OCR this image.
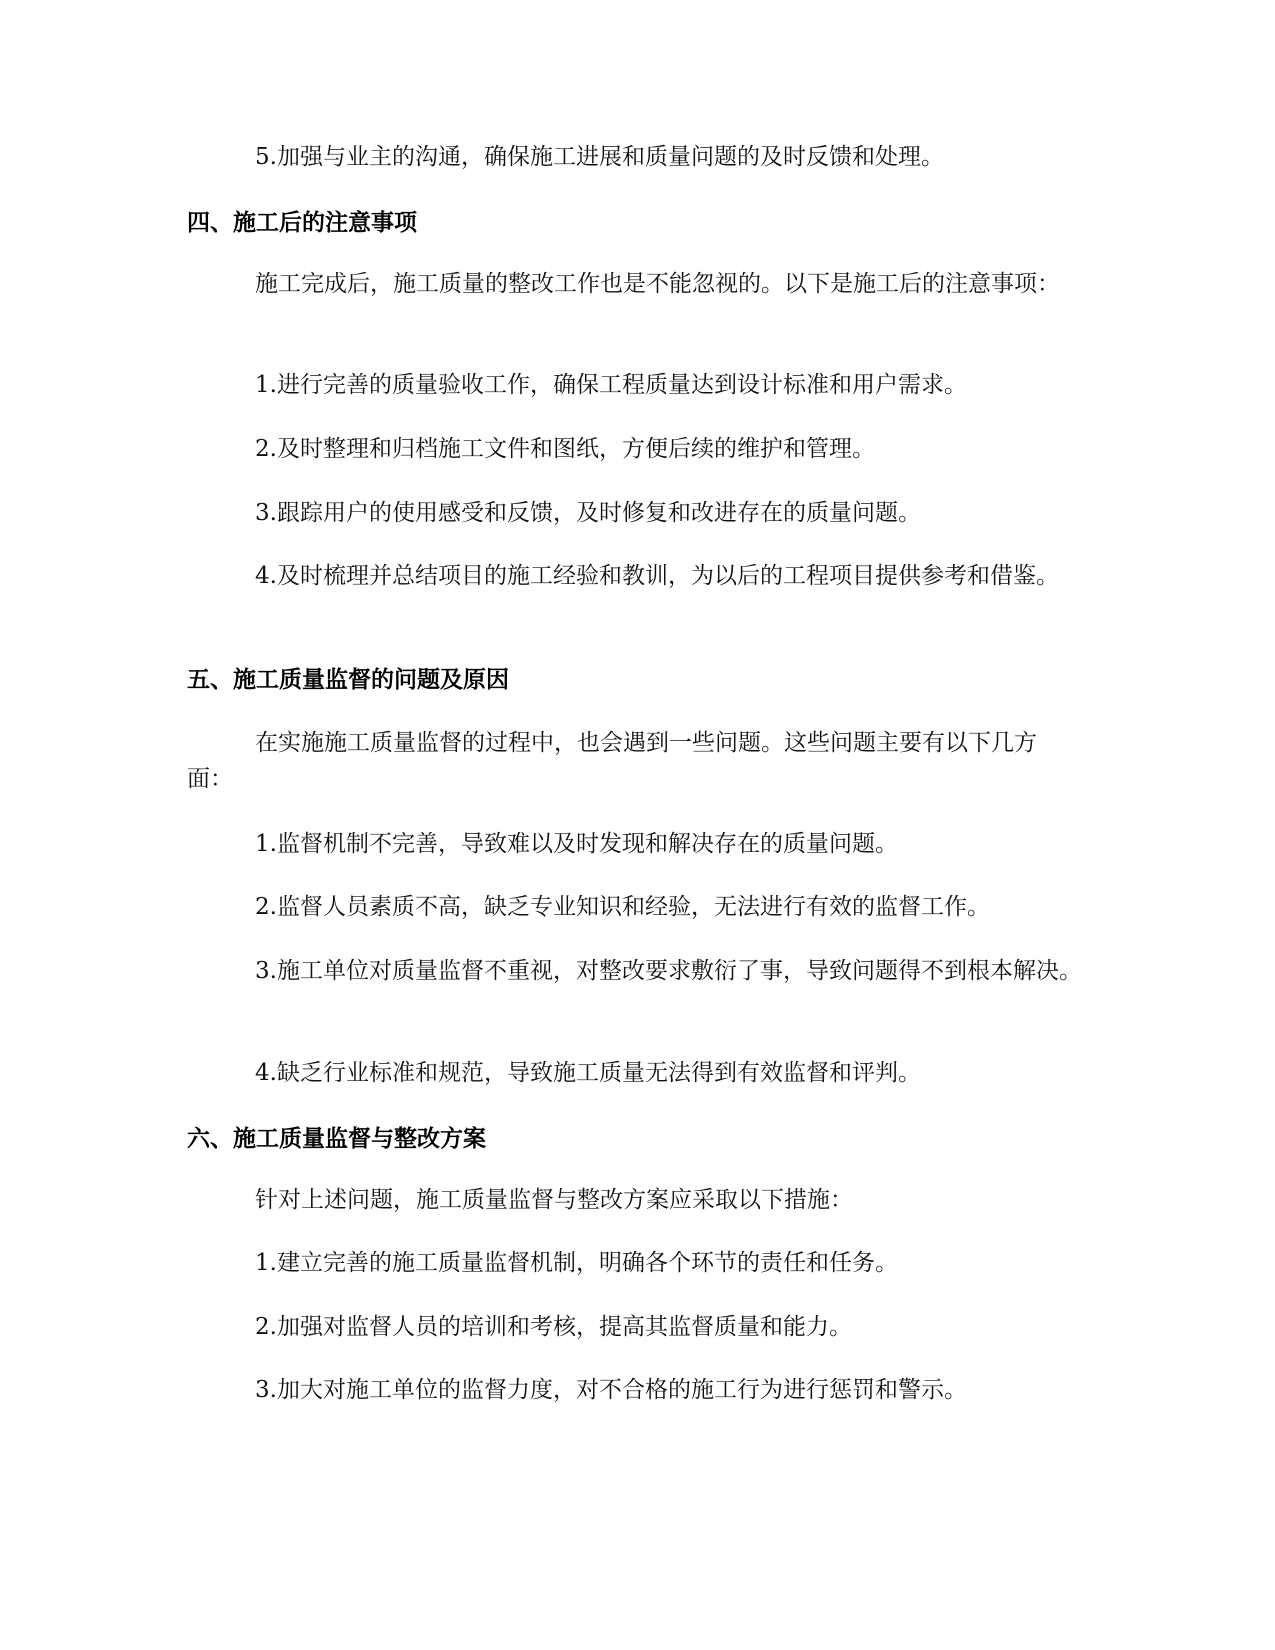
5.加强与业主的沟通，确保施工进展和质量问题的及时反馈和处理。

四、施工后的注意事项

施工完成后，施工质量的整改工作也是不能忽视的。以下是施工后的注意事项：

1.进行完善的质量验收工作，确保工程质量达到设计标准和用户需求。

2.及时整理和归档施工文件和图纸，方便后续的维护和管理。

3.跟踪用户的使用感受和反馈，及时修复和改进存在的质量问题。

4.及时梳理并总结项目的施工经验和教训，为以后的工程项目提供参考和借鉴。

五、施工质量监督的问题及原因

在实施施工质量监督的过程中，也会遇到一些问题。这些问题主要有以下几方面：

1.监督机制不完善，导致难以及时发现和解决存在的质量问题。

2.监督人员素质不高，缺乏专业知识和经验，无法进行有效的监督工作。

3.施工单位对质量监督不重视，对整改要求敷衍了事，导致问题得不到根本解决。

4.缺乏行业标准和规范，导致施工质量无法得到有效监督和评判。

六、施工质量监督与整改方案

针对上述问题，施工质量监督与整改方案应采取以下措施：

1.建立完善的施工质量监督机制，明确各个环节的责任和任务。

2.加强对监督人员的培训和考核，提高其监督质量和能力。

3.加大对施工单位的监督力度，对不合格的施工行为进行惩罚和警示。
